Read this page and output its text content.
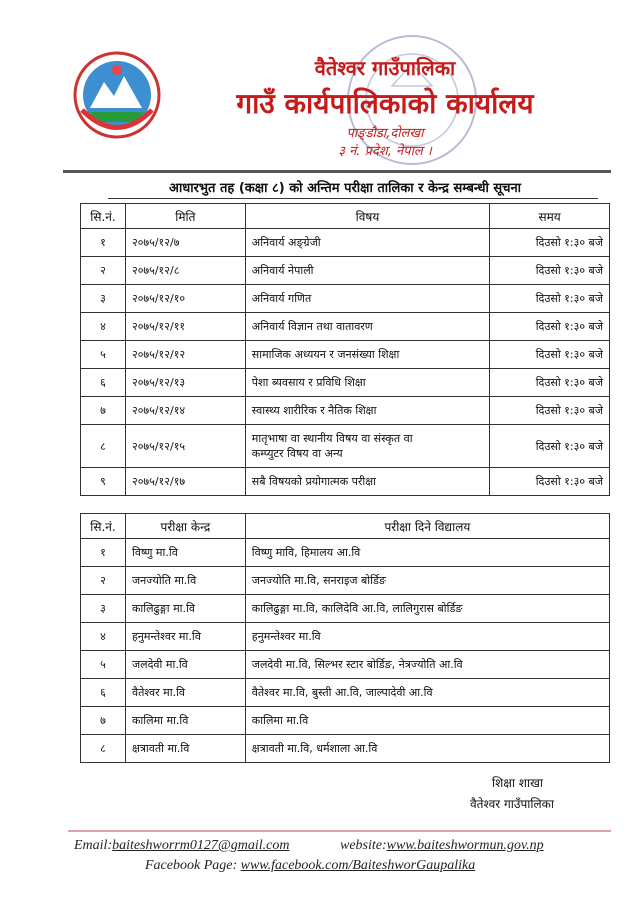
वैतेश्वर गाउँपालिका
गाउँ कार्यपालिकाको कार्यालय
पाङ्डौडा,दोलखा
३ नं. प्रदेश, नेपाल ।
आधारभुत तह (कक्षा ८) को अन्तिम परीक्षा तालिका र केन्द्र सम्बन्धी सूचना
सि.नं.	मिति	विषय	समय
१	२०७५/१२/७	अनिवार्य अङ्ग्रेजी	दिउसो १:३० बजे
२	२०७५/१२/८	अनिवार्य नेपाली	दिउसो १:३० बजे
३	२०७५/१२/१०	अनिवार्य गणित	दिउसो १:३० बजे
४	२०७५/१२/११	अनिवार्य विज्ञान तथा वातावरण	दिउसो १:३० बजे
५	२०७५/१२/१२	सामाजिक अध्ययन र जनसंख्या शिक्षा	दिउसो १:३० बजे
६	२०७५/१२/१३	पेशा ब्यवसाय र प्रविधि शिक्षा	दिउसो १:३० बजे
७	२०७५/१२/१४	स्वास्थ्य शारीरिक र नैतिक शिक्षा	दिउसो १:३० बजे
८	२०७५/१२/१५	मातृभाषा वा स्थानीय विषय वा संस्कृत वा
कम्प्युटर विषय वा अन्य	दिउसो १:३० बजे
९	२०७५/१२/१७	सबै विषयको प्रयोगात्मक परीक्षा	दिउसो १:३० बजे
सि.नं.	परीक्षा केन्द्र	परीक्षा दिने विद्यालय
१	विष्णु मा.वि	विष्णु मावि, हिमालय आ.वि
२	जनज्योति मा.वि	जनज्योति मा.वि, सनराइज बोर्डिङ
३	कालिढुङ्गा मा.वि	कालिढुङ्गा मा.वि, कालिदेवि आ.वि, लालिगुरास बोर्डिङ
४	हनुमन्तेश्वर मा.वि	हनुमन्तेश्वर मा.वि
५	जलदेवी मा.वि	जलदेवी मा.वि, सिल्भर स्टार बोर्डिङ, नेत्रज्योति आ.वि
६	वैतेश्वर मा.वि	वैतेश्वर मा.वि, बुस्ती आ.वि, जाल्पादेवी आ.वि
७	कालिमा मा.वि	कालिमा मा.वि
८	क्षत्रावती मा.वि	क्षत्रावती मा.वि, धर्मशाला आ.वि
शिक्षा शाखा
वैतेश्वर गाउँपालिका
Email:baiteshworrm0127@gmail.com	website:www.baiteshwormun.gov.np
Facebook Page: www.facebook.com/BaiteshworGaupalika
